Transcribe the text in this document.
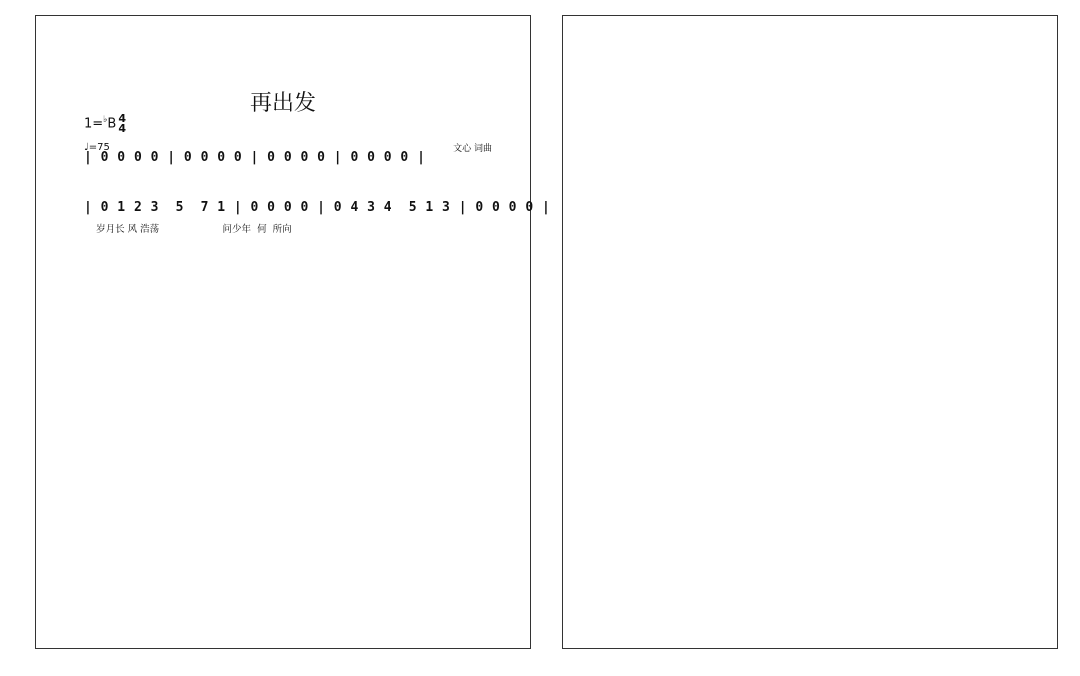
再出发
1=♭B 4
4
♩=75	文心 词曲
| 0 0 0 0 | 0 0 0 0 | 0 0 0 0 | 0 0 0 0 |
| 0 1 2 3  5  7 1 | 0 0 0 0 | 0 4 3 4  5 1 3 | 0 0 0 0 |
岁月长 风 浩荡                     问少年  何  所向
